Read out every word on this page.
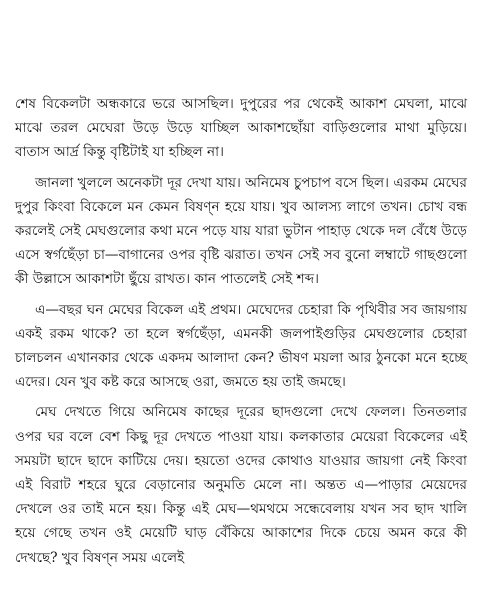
শেষ বিকেলটা অন্ধকারে ভরে আসছিল। দুপুরের পর থেকেই আকাশ মেঘলা, মাঝে মাঝে তরল মেঘেরা উড়ে উড়ে যাচ্ছিল আকাশছোঁয়া বাড়িগুলোর মাথা মুড়িয়ে। বাতাস আর্দ্র কিন্তু বৃষ্টিটাই যা হচ্ছিল না।

জানলা খুললে অনেকটা দূর দেখা যায়। অনিমেষ চুপচাপ বসে ছিল। এরকম মেঘের দুপুর কিংবা বিকেলে মন কেমন বিষণ্ন হয়ে যায়। খুব আলস্য লাগে তখন। চোখ বন্ধ করলেই সেই মেঘগুলোর কথা মনে পড়ে যায় যারা ভুটান পাহাড় থেকে দল বেঁধে উড়ে এসে স্বর্গছেঁড়া চা—বাগানের ওপর বৃষ্টি ঝরাত। তখন সেই সব বুনো লম্বাটে গাছগুলো কী উল্লাসে আকাশটা ছুঁয়ে রাখত। কান পাতলেই সেই শব্দ।

এ—বছর ঘন মেঘের বিকেল এই প্রথম। মেঘেদের চেহারা কি পৃথিবীর সব জায়গায় একই রকম থাকে? তা হলে স্বর্গছেঁড়া, এমনকী জলপাইগুড়ির মেঘগুলোর চেহারা চালচলন এখানকার থেকে একদম আলাদা কেন? ভীষণ ময়লা আর ঠুনকো মনে হচ্ছে এদের। যেন খুব কষ্ট করে আসছে ওরা, জমতে হয় তাই জমছে।

মেঘ দেখতে গিয়ে অনিমেষ কাছের দূরের ছাদগুলো দেখে ফেলল। তিনতলার ওপর ঘর বলে বেশ কিছু দূর দেখতে পাওয়া যায়। কলকাতার মেয়েরা বিকেলের এই সময়টা ছাদে ছাদে কাটিয়ে দেয়। হয়তো ওদের কোথাও যাওয়ার জায়গা নেই কিংবা এই বিরাট শহরে ঘুরে বেড়ানোর অনুমতি মেলে না। অন্তত এ—পাড়ার মেয়েদের দেখলে ওর তাই মনে হয়। কিন্তু এই মেঘ—থমথমে সন্ধেবেলায় যখন সব ছাদ খালি হয়ে গেছে তখন ওই মেয়েটি ঘাড় বেঁকিয়ে আকাশের দিকে চেয়ে অমন করে কী দেখছে? খুব বিষণ্ন সময় এলেই
